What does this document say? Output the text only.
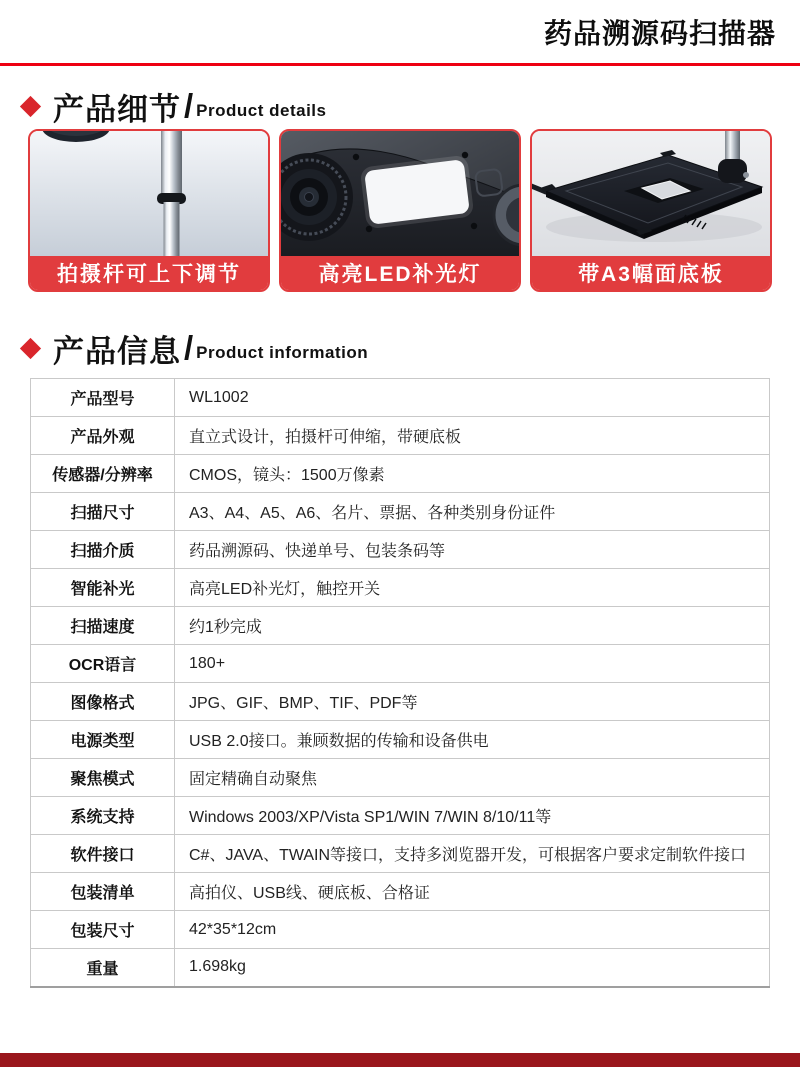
药品溯源码扫描器
产品细节 / Product details
拍摄杆可上下调节	高亮LED补光灯	带A3幅面底板
产品信息 / Product information
产品型号	WL1002
产品外观	直立式设计，拍摄杆可伸缩，带硬底板
传感器/分辨率	CMOS，镜头：1500万像素
扫描尺寸	A3、A4、A5、A6、名片、票据、各种类别身份证件
扫描介质	药品溯源码、快递单号、包装条码等
智能补光	高亮LED补光灯，触控开关
扫描速度	约1秒完成
OCR语言	180+
图像格式	JPG、GIF、BMP、TIF、PDF等
电源类型	USB 2.0接口。兼顾数据的传输和设备供电
聚焦模式	固定精确自动聚焦
系统支持	Windows 2003/XP/Vista SP1/WIN 7/WIN 8/10/11等
软件接口	C#、JAVA、TWAIN等接口，支持多浏览器开发，可根据客户要求定制软件接口
包装清单	高拍仪、USB线、硬底板、合格证
包装尺寸	42*35*12cm
重量	1.698kg
